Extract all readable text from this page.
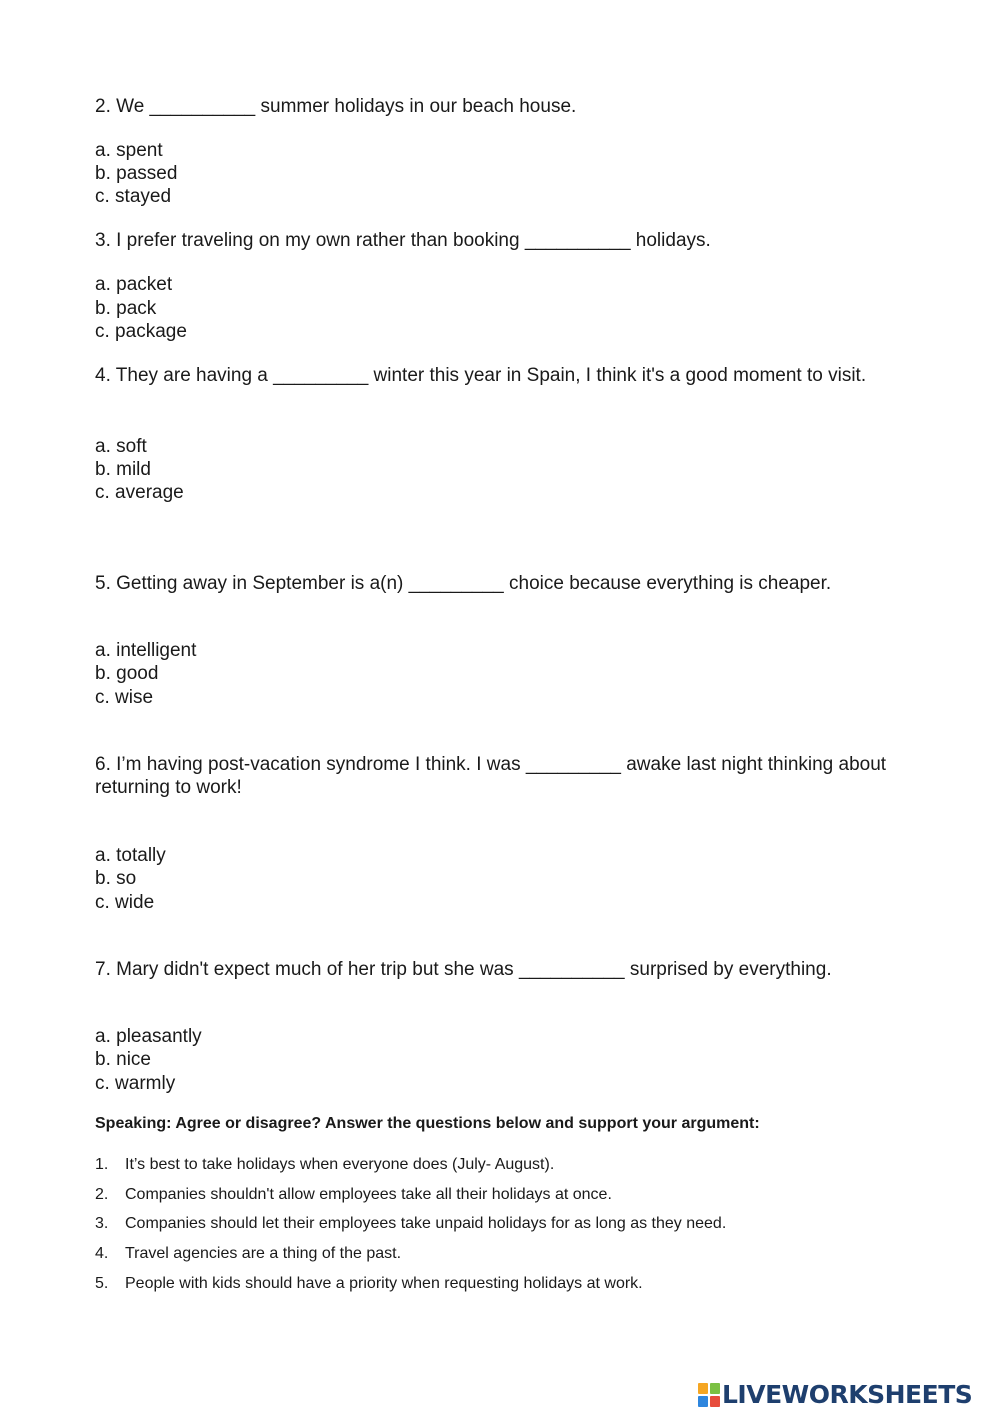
2. We __________ summer holidays in our beach house.
a. spent
b. passed
c. stayed
3. I prefer traveling on my own rather than booking __________ holidays.
a. packet
b. pack
c. package
4. They are having a _________ winter this year in Spain, I think it's a good moment to visit.
a. soft
b. mild
c. average
5. Getting away in September is a(n) _________ choice because everything is cheaper.
a. intelligent
b. good
c. wise
6. I’m having post-vacation syndrome I think. I was _________ awake last night thinking about returning to work!
a. totally
b. so
c. wide
7. Mary didn't expect much of her trip but she was __________ surprised by everything.
a. pleasantly
b. nice
c. warmly
Speaking: Agree or disagree? Answer the questions below and support your argument:
1. It’s best to take holidays when everyone does (July- August).
2. Companies shouldn't allow employees take all their holidays at once.
3. Companies should let their employees take unpaid holidays for as long as they need.
4. Travel agencies are a thing of the past.
5. People with kids should have a priority when requesting holidays at work.
LIVEWORKSHEETS
